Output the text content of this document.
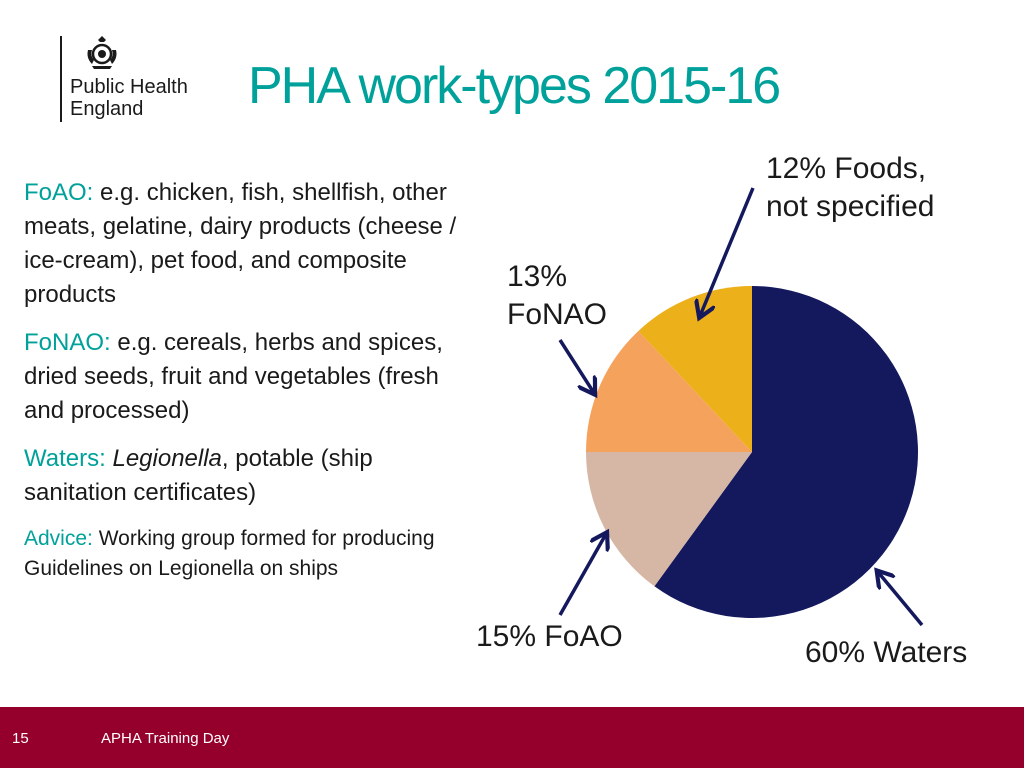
Public Health
England	PHA work-types 2015-16

FoAO: e.g. chicken, fish, shellfish, other meats, gelatine, dairy products (cheese / ice-cream), pet food, and composite products

FoNAO: e.g. cereals, herbs and spices, dried seeds, fruit and vegetables (fresh and processed)

Waters: Legionella, potable (ship sanitation certificates)

Advice: Working group formed for producing Guidelines on Legionella on ships

12% Foods,
not specified
13%
FoNAO
15% FoAO	60% Waters
15	APHA Training Day
